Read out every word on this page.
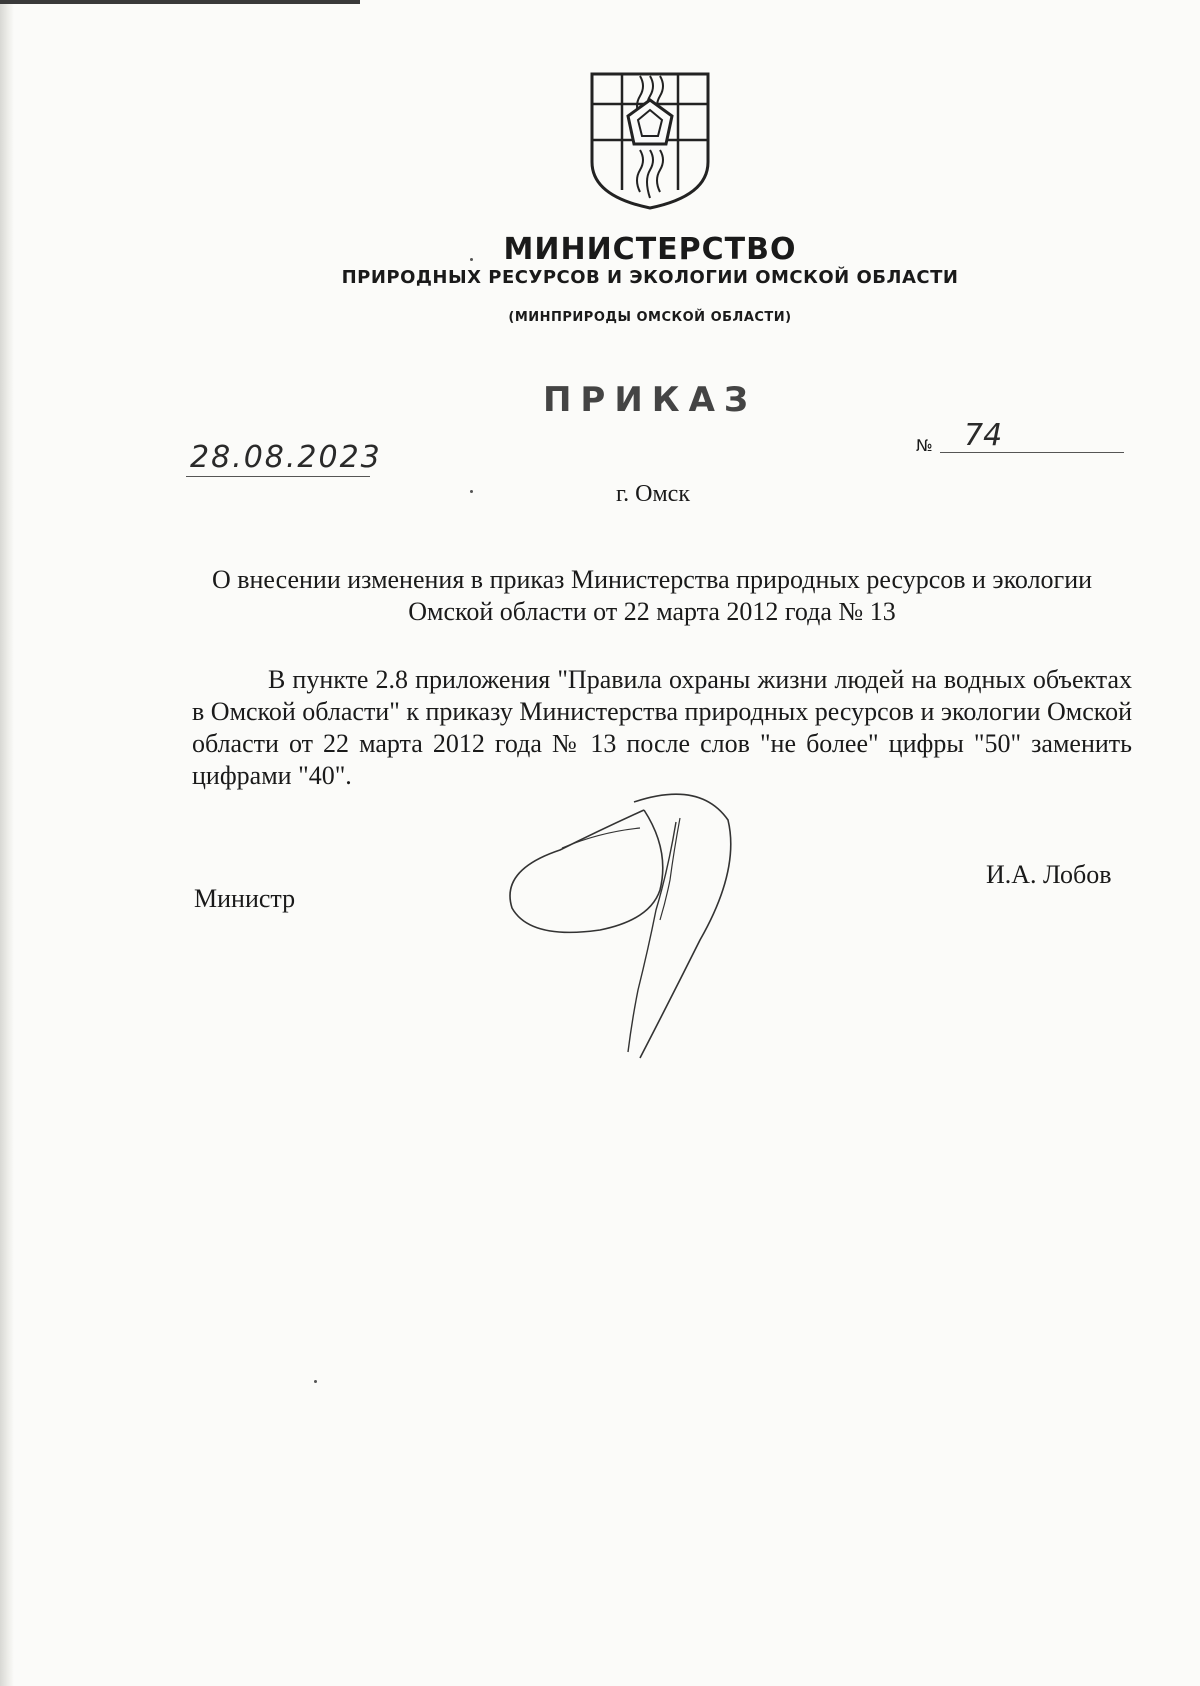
МИНИСТЕРСТВО
ПРИРОДНЫХ РЕСУРСОВ И ЭКОЛОГИИ ОМСКОЙ ОБЛАСТИ
(МИНПРИРОДЫ ОМСКОЙ ОБЛАСТИ)
ПРИКАЗ
28.08.2023	№ 74
г. Омск
О внесении изменения в приказ Министерства природных ресурсов и экологии Омской области от 22 марта 2012 года № 13
В пункте 2.8 приложения "Правила охраны жизни людей на водных объектах в Омской области" к приказу Министерства природных ресурсов и экологии Омской области от 22 марта 2012 года № 13 после слов "не более" цифры "50" заменить цифрами "40".
Министр
И.А. Лобов
